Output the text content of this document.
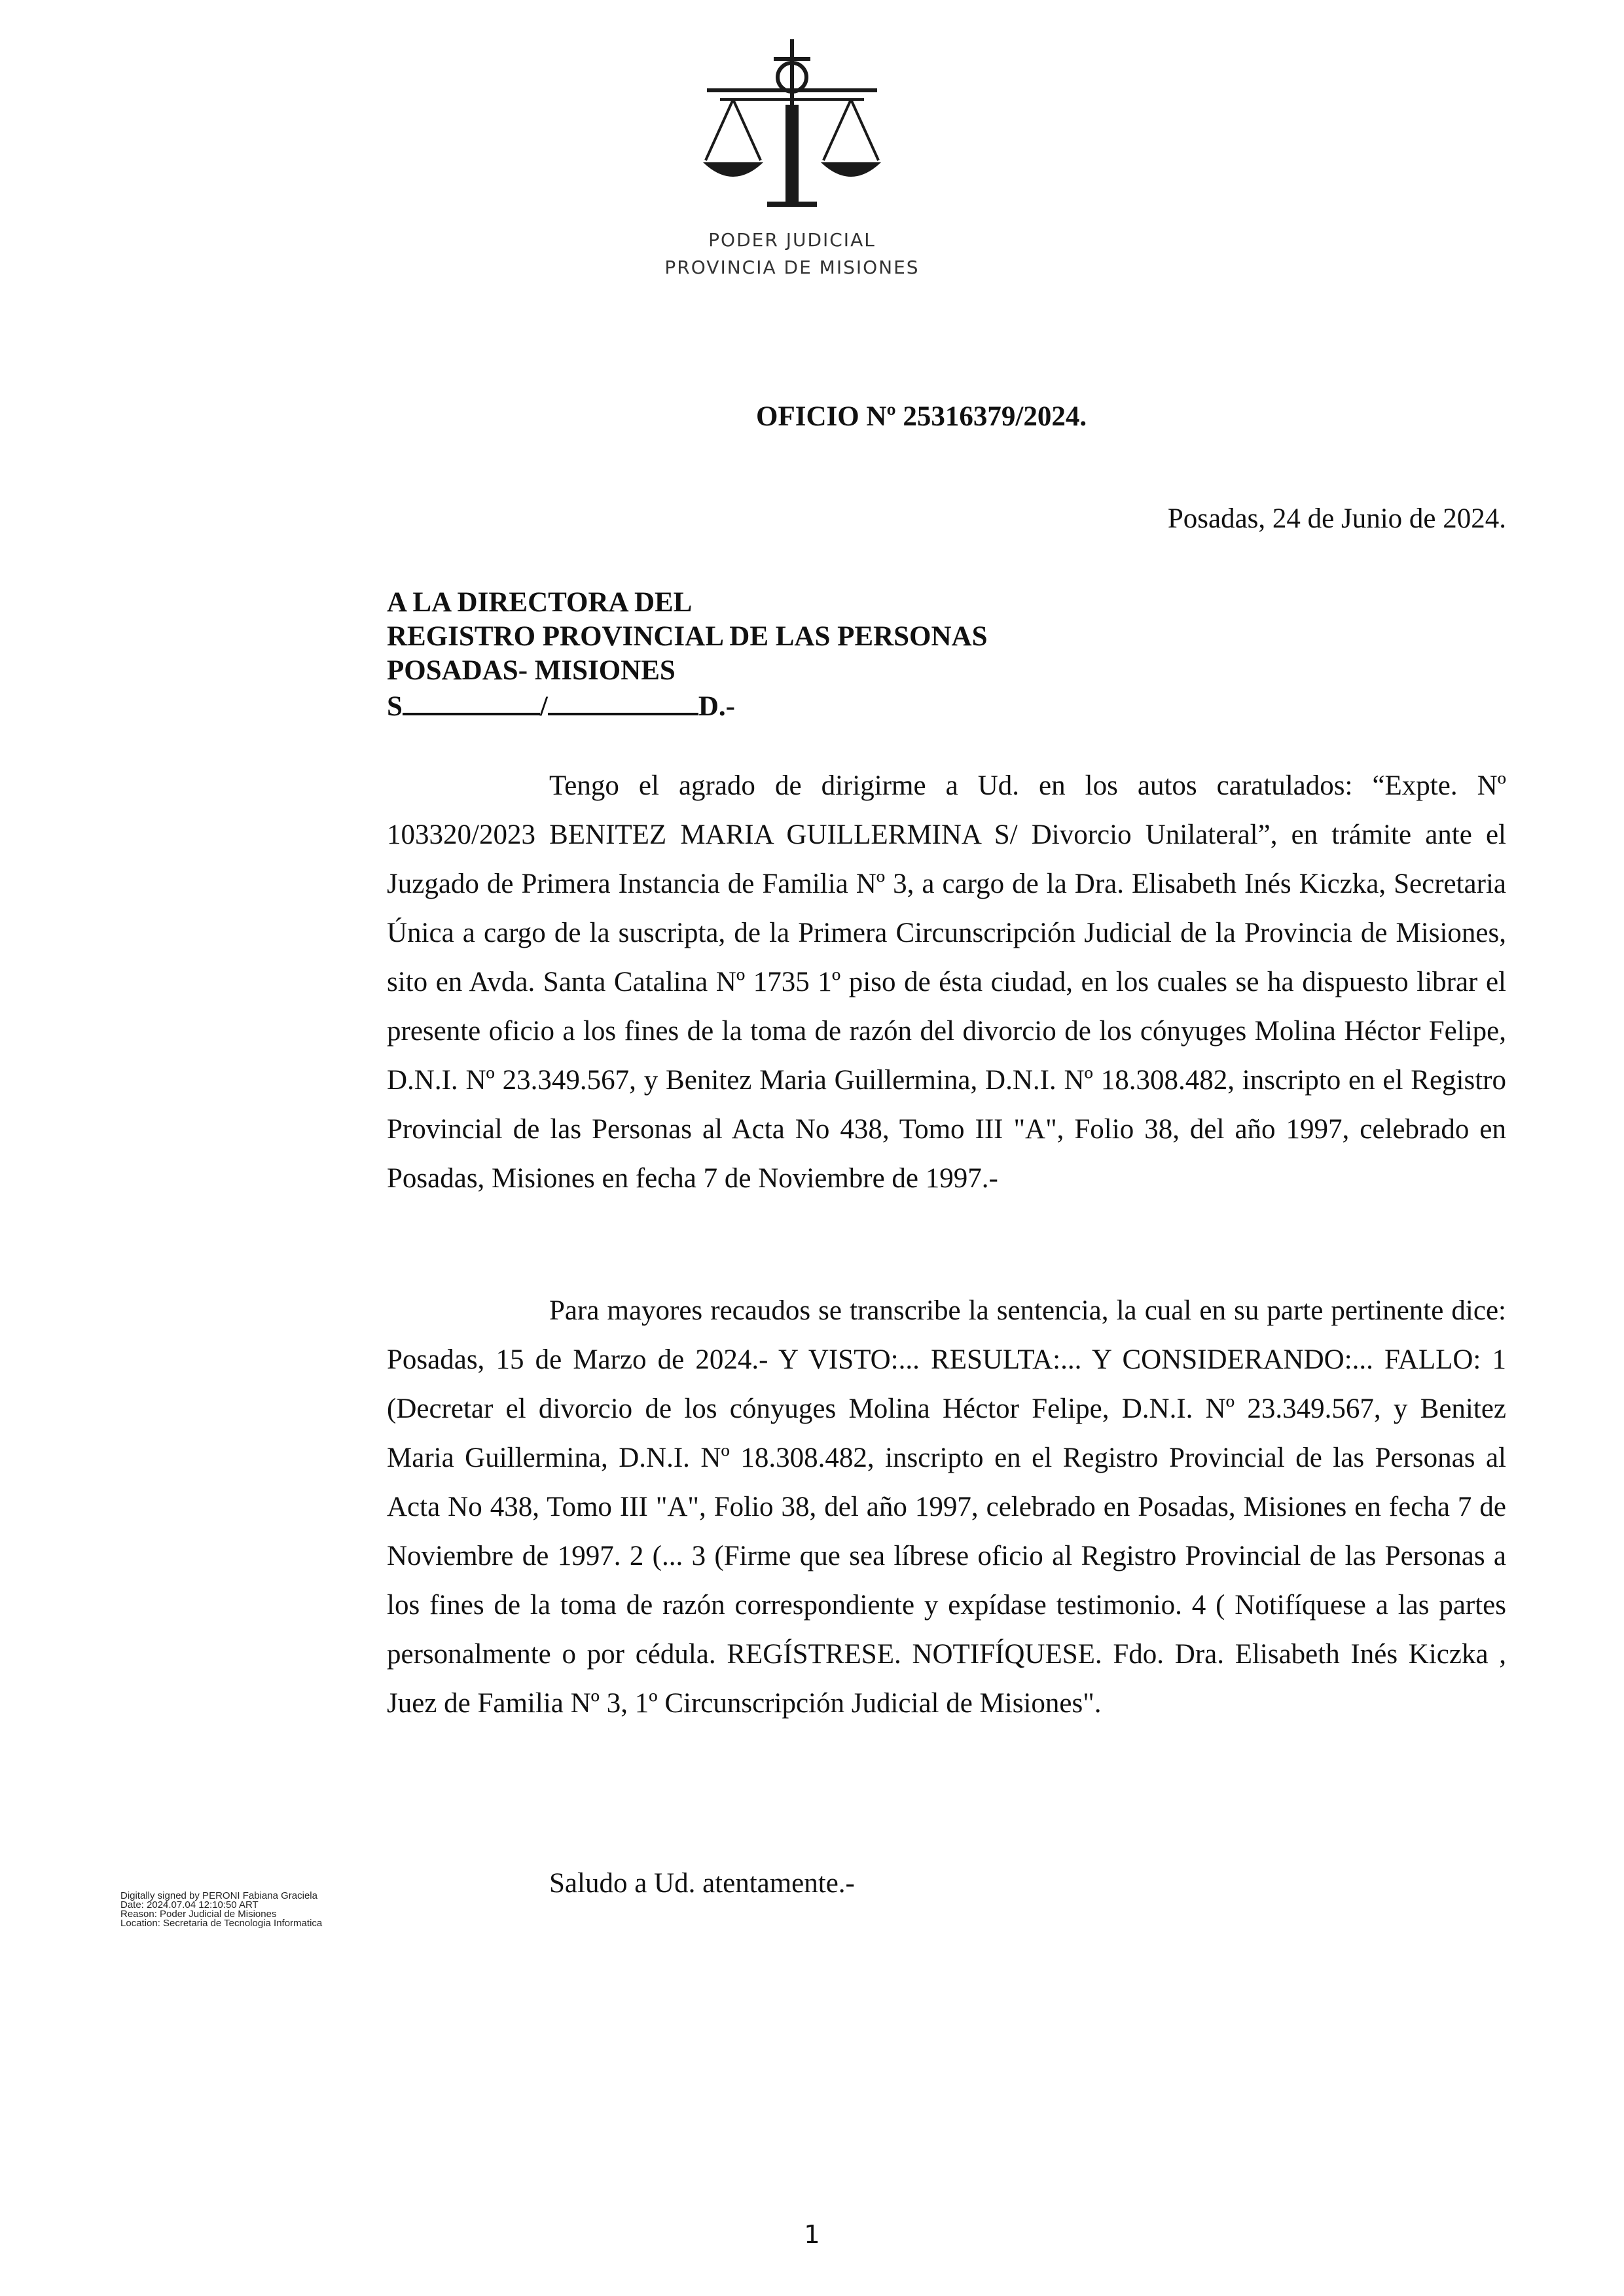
PODER JUDICIAL
PROVINCIA DE MISIONES
OFICIO Nº 25316379/2024.
Posadas, 24 de Junio de 2024.
A LA DIRECTORA DEL
REGISTRO PROVINCIAL DE LAS PERSONAS
POSADAS- MISIONES
S	/	D.-

Tengo el agrado de dirigirme a Ud. en los autos caratulados: “Expte. Nº 103320/2023 BENITEZ MARIA GUILLERMINA S/ Divorcio Unilateral”, en trámite ante el Juzgado de Primera Instancia de Familia Nº 3, a cargo de la Dra. Elisabeth Inés Kiczka, Secretaria Única a cargo de la suscripta, de la Primera Circunscripción Judicial de la Provincia de Misiones, sito en Avda. Santa Catalina Nº 1735 1º piso de ésta ciudad, en los cuales se ha dispuesto librar el presente oficio a los fines de la toma de razón del divorcio de los cónyuges Molina Héctor Felipe, D.N.I. Nº 23.349.567, y Benitez Maria Guillermina, D.N.I. Nº 18.308.482, inscripto en el Registro Provincial de las Personas al Acta No 438, Tomo III "A", Folio 38, del año 1997, celebrado en Posadas, Misiones en fecha 7 de Noviembre de 1997.-

Para mayores recaudos se transcribe la sentencia, la cual en su parte pertinente dice: Posadas, 15 de Marzo de 2024.- Y VISTO:... RESULTA:... Y CONSIDERANDO:... FALLO: 1 (Decretar el divorcio de los cónyuges Molina Héctor Felipe, D.N.I. Nº 23.349.567, y Benitez Maria Guillermina, D.N.I. Nº 18.308.482, inscripto en el Registro Provincial de las Personas al Acta No 438, Tomo III "A", Folio 38, del año 1997, celebrado en Posadas, Misiones en fecha 7 de Noviembre de 1997. 2 (... 3 (Firme que sea líbrese oficio al Registro Provincial de las Personas a los fines de la toma de razón correspondiente y expídase testimonio. 4 ( Notifíquese a las partes personalmente o por cédula. REGÍSTRESE. NOTIFÍQUESE. Fdo. Dra. Elisabeth Inés Kiczka , Juez de Familia Nº 3, 1º Circunscripción Judicial de Misiones".

Saludo a Ud. atentamente.-
Digitally signed by PERONI Fabiana Graciela
Date: 2024.07.04 12:10:50 ART
Reason: Poder Judicial de Misiones
Location: Secretaria de Tecnologia Informatica
1
